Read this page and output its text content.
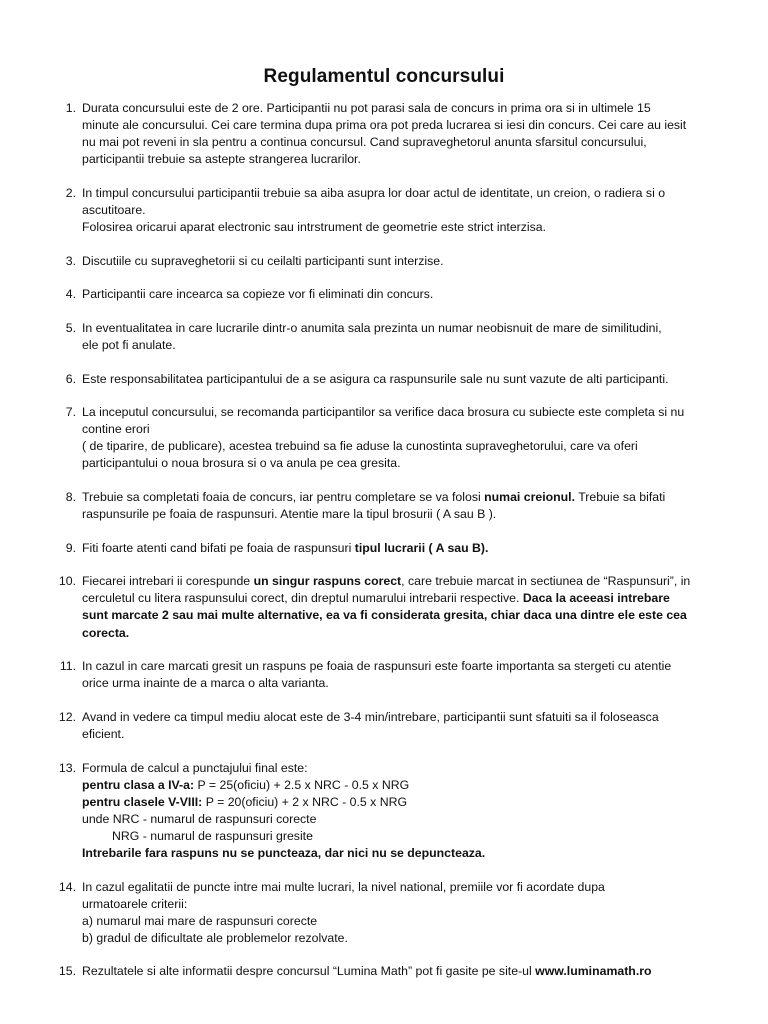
Regulamentul concursului
1 . Durata concursului este de 2 ore. Participantii nu pot parasi sala de concurs in prima ora si in ultimele 15
minute ale concursului. Cei care termina dupa prima ora pot preda lucrarea si iesi din concurs. Cei care au iesit
nu mai pot reveni in sla pentru a continua concursul. Cand supraveghetorul anunta sfarsitul concursului,
participantii trebuie sa astepte strangerea lucrarilor.
2 . In timpul concursului participantii trebuie sa aiba asupra lor doar actul de identitate, un creion, o radiera si o
ascutitoare.
Folosirea oricarui aparat electronic sau intrstrument de geometrie este strict interzisa.
3 . Discutiile cu supraveghetorii si cu ceilalti participanti sunt interzise.
4 . Participantii care incearca sa copieze vor fi eliminati din concurs.
5 . In eventualitatea in care lucrarile dintr-o anumita sala prezinta un numar neobisnuit de mare de similitudini,
ele pot fi anulate.
6 . Este responsabilitatea participantului de a se asigura ca raspunsurile sale nu sunt vazute de alti participanti.
7 . La inceputul concursului, se recomanda participantilor sa verifice daca brosura cu subiecte este completa si nu
contine erori
( de tiparire, de publicare), acestea trebuind sa fie aduse la cunostinta supraveghetorului, care va oferi
participantului o noua brosura si o va anula pe cea gresita.
8 . Trebuie sa completati foaia de concurs, iar pentru completare se va folosi numai creionul. Trebuie sa bifati
raspunsurile pe foaia de raspunsuri. Atentie mare la tipul brosurii ( A sau B ).
9 . Fiti foarte atenti cand bifati pe foaia de raspunsuri tipul lucrarii ( A sau B).
10 . Fiecarei intrebari ii corespunde un singur raspuns corect, care trebuie marcat in sectiunea de “Raspunsuri”, in
cerculetul cu litera raspunsului corect, din dreptul numarului intrebarii respective. Daca la aceeasi intrebare
sunt marcate 2 sau mai multe alternative, ea va fi considerata gresita, chiar daca una dintre ele este cea
corecta.
11 . In cazul in care marcati gresit un raspuns pe foaia de raspunsuri este foarte importanta sa stergeti cu atentie
orice urma inainte de a marca o alta varianta.
12 . Avand in vedere ca timpul mediu alocat este de 3-4 min/intrebare, participantii sunt sfatuiti sa il foloseasca
eficient.
13 . Formula de calcul a punctajului final este:
pentru clasa a IV-a: P = 25(oficiu) + 2.5 x NRC - 0.5 x NRG
pentru clasele V-VIII: P = 20(oficiu) + 2 x NRC - 0.5 x NRG
unde NRC - numarul de raspunsuri corecte
NRG - numarul de raspunsuri gresite
Intrebarile fara raspuns nu se puncteaza, dar nici nu se depuncteaza.
14 . In cazul egalitatii de puncte intre mai multe lucrari, la nivel national, premiile vor fi acordate dupa
urmatoarele criterii:
a) numarul mai mare de raspunsuri corecte
b) gradul de dificultate ale problemelor rezolvate.
15 . Rezultatele si alte informatii despre concursul “Lumina Math” pot fi gasite pe site-ul www.luminamath.ro
